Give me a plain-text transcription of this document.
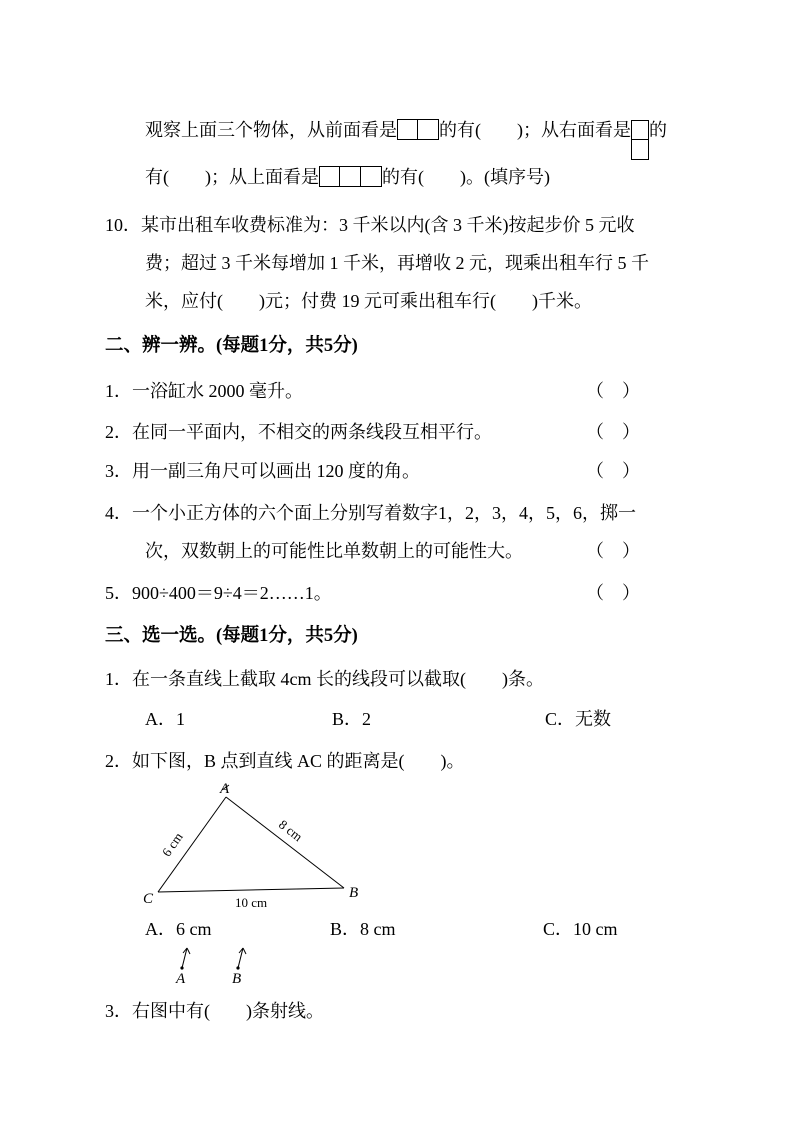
观察上面三个物体，从前面看是 的有(　　)；从右面看是 的
有(　　)；从上面看是	的有(　　)。(填序号)
10．某市出租车收费标准为：3 千米以内(含 3 千米)按起步价 5 元收
费；超过 3 千米每增加 1 千米，再增收 2 元，现乘出租车行 5 千
米，应付(　　)元；付费 19 元可乘出租车行(　　)千米。
二、辨一辨。(每题1分，共5分)
1．一浴缸水 2000 毫升。	（　）
2．在同一平面内，不相交的两条线段互相平行。	（　）
3．用一副三角尺可以画出 120 度的角。	（　）
4．一个小正方体的六个面上分别写着数字1，2，3，4，5，6，掷一
次，双数朝上的可能性比单数朝上的可能性大。	（　）
5．900÷400＝9÷4＝2……1。	（　）
三、选一选。(每题1分，共5分)
1．在一条直线上截取 4cm 长的线段可以截取(　　)条。
A．1	B．2	C．无数
2．如下图，B 点到直线 AC 的距离是(　　)。
A
B
C
6 cm	8 cm
10 cm
A．6 cm	B．8 cm	C．10 cm
A	B
3．右图中有(　　)条射线。
